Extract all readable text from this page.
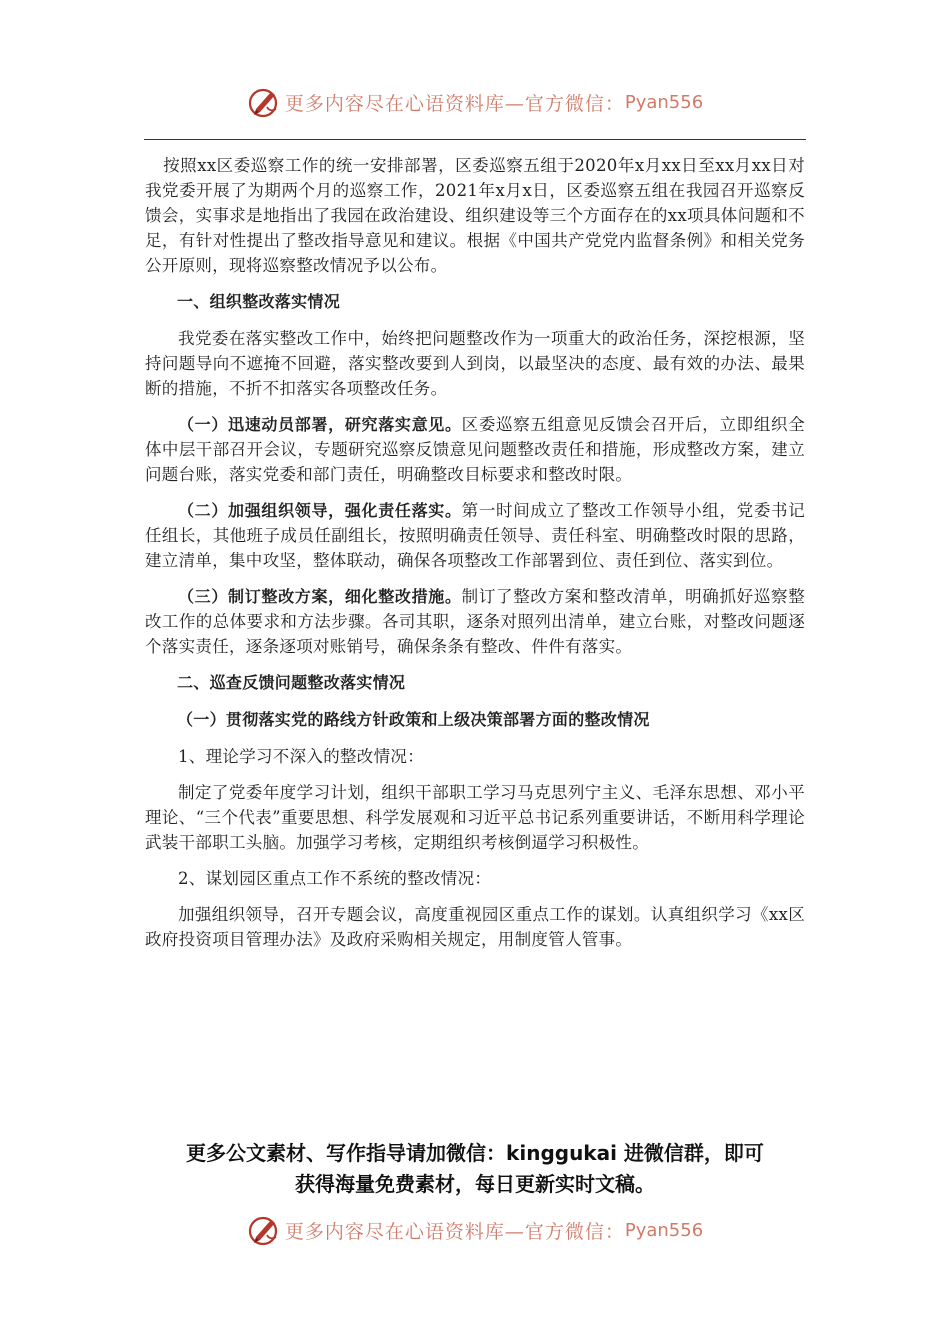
更多内容尽在心语资料库—官方微信： Pyan556

按照xx区委巡察工作的统一安排部署，区委巡察五组于2020年x月xx日至xx月xx日对我党委开展了为期两个月的巡察工作，2021年x月x日，区委巡察五组在我园召开巡察反馈会，实事求是地指出了我园在政治建设、组织建设等三个方面存在的xx项具体问题和不足，有针对性提出了整改指导意见和建议。根据《中国共产党党内监督条例》和相关党务公开原则，现将巡察整改情况予以公布。

一、组织整改落实情况

我党委在落实整改工作中，始终把问题整改作为一项重大的政治任务，深挖根源，坚持问题导向不遮掩不回避，落实整改要到人到岗，以最坚决的态度、最有效的办法、最果断的措施，不折不扣落实各项整改任务。

（一）迅速动员部署，研究落实意见。区委巡察五组意见反馈会召开后，立即组织全体中层干部召开会议，专题研究巡察反馈意见问题整改责任和措施，形成整改方案，建立问题台账，落实党委和部门责任，明确整改目标要求和整改时限。

（二）加强组织领导，强化责任落实。第一时间成立了整改工作领导小组，党委书记任组长，其他班子成员任副组长，按照明确责任领导、责任科室、明确整改时限的思路，建立清单，集中攻坚，整体联动，确保各项整改工作部署到位、责任到位、落实到位。

（三）制订整改方案，细化整改措施。制订了整改方案和整改清单，明确抓好巡察整改工作的总体要求和方法步骤。各司其职，逐条对照列出清单，建立台账，对整改问题逐个落实责任，逐条逐项对账销号，确保条条有整改、件件有落实。

二、巡查反馈问题整改落实情况

（一）贯彻落实党的路线方针政策和上级决策部署方面的整改情况

1、理论学习不深入的整改情况：

制定了党委年度学习计划，组织干部职工学习马克思列宁主义、毛泽东思想、邓小平理论、“三个代表”重要思想、科学发展观和习近平总书记系列重要讲话，不断用科学理论武装干部职工头脑。加强学习考核，定期组织考核倒逼学习积极性。

2、谋划园区重点工作不系统的整改情况：

加强组织领导，召开专题会议，高度重视园区重点工作的谋划。认真组织学习《xx区政府投资项目管理办法》及政府采购相关规定，用制度管人管事。

更多公文素材、写作指导请加微信：kinggukai 进微信群，即可
获得海量免费素材，每日更新实时文稿。
更多内容尽在心语资料库—官方微信： Pyan556
